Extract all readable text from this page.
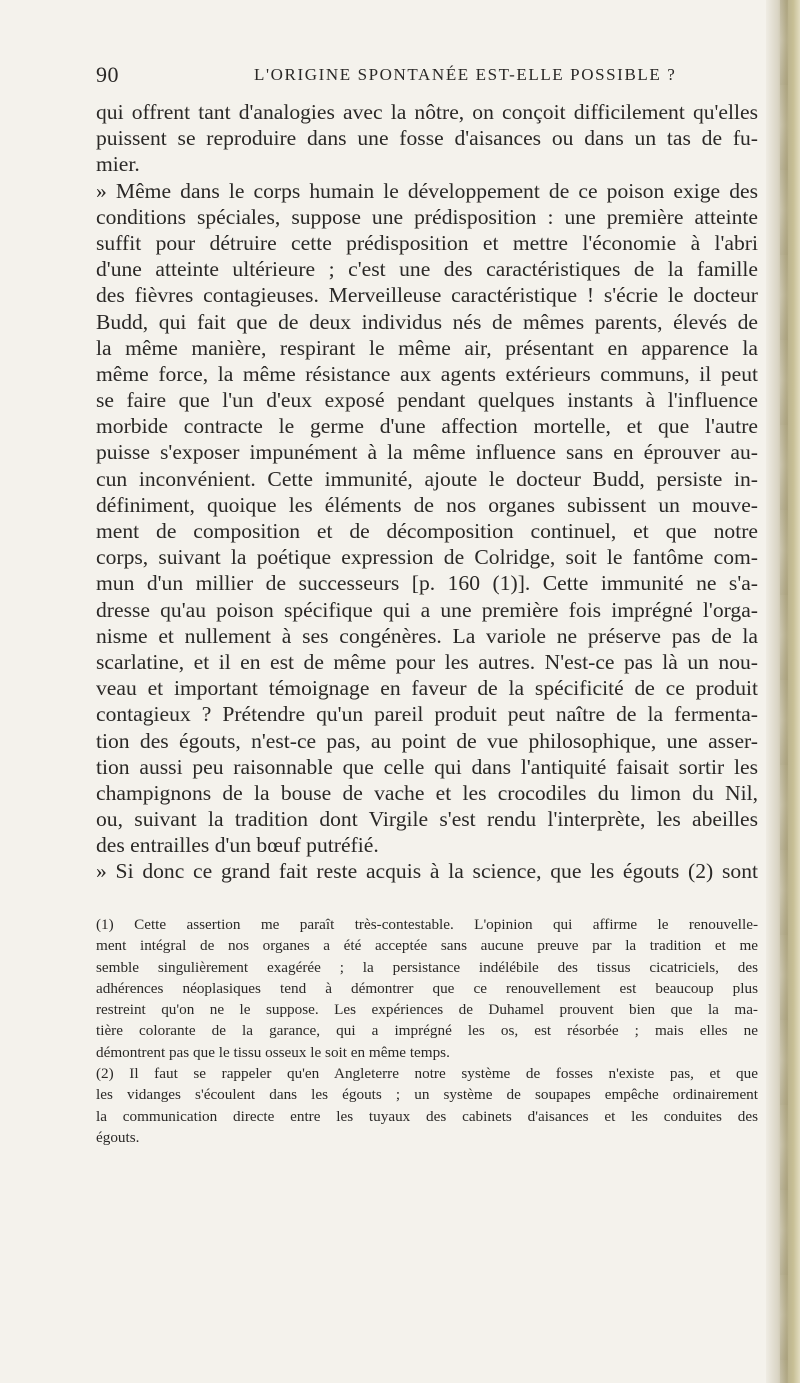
90	L'ORIGINE SPONTANÉE EST-ELLE POSSIBLE ?
qui offrent tant d'analogies avec la nôtre, on conçoit difficilement qu'elles
puissent se reproduire dans une fosse d'aisances ou dans un tas de fu-
mier.
» Même dans le corps humain le développement de ce poison exige des
conditions spéciales, suppose une prédisposition : une première atteinte
suffit pour détruire cette prédisposition et mettre l'économie à l'abri
d'une atteinte ultérieure ; c'est une des caractéristiques de la famille
des fièvres contagieuses. Merveilleuse caractéristique ! s'écrie le docteur
Budd, qui fait que de deux individus nés de mêmes parents, élevés de
la même manière, respirant le même air, présentant en apparence la
même force, la même résistance aux agents extérieurs communs, il peut
se faire que l'un d'eux exposé pendant quelques instants à l'influence
morbide contracte le germe d'une affection mortelle, et que l'autre
puisse s'exposer impunément à la même influence sans en éprouver au-
cun inconvénient. Cette immunité, ajoute le docteur Budd, persiste in-
définiment, quoique les éléments de nos organes subissent un mouve-
ment de composition et de décomposition continuel, et que notre
corps, suivant la poétique expression de Colridge, soit le fantôme com-
mun d'un millier de successeurs [p. 160 (1)]. Cette immunité ne s'a-
dresse qu'au poison spécifique qui a une première fois imprégné l'orga-
nisme et nullement à ses congénères. La variole ne préserve pas de la
scarlatine, et il en est de même pour les autres. N'est-ce pas là un nou-
veau et important témoignage en faveur de la spécificité de ce produit
contagieux ? Prétendre qu'un pareil produit peut naître de la fermenta-
tion des égouts, n'est-ce pas, au point de vue philosophique, une asser-
tion aussi peu raisonnable que celle qui dans l'antiquité faisait sortir les
champignons de la bouse de vache et les crocodiles du limon du Nil,
ou, suivant la tradition dont Virgile s'est rendu l'interprète, les abeilles
des entrailles d'un bœuf putréfié.
» Si donc ce grand fait reste acquis à la science, que les égouts (2) sont
(1) Cette assertion me paraît très-contestable. L'opinion qui affirme le renouvelle-
ment intégral de nos organes a été acceptée sans aucune preuve par la tradition et me
semble singulièrement exagérée ; la persistance indélébile des tissus cicatriciels, des
adhérences néoplasiques tend à démontrer que ce renouvellement est beaucoup plus
restreint qu'on ne le suppose. Les expériences de Duhamel prouvent bien que la ma-
tière colorante de la garance, qui a imprégné les os, est résorbée ; mais elles ne
démontrent pas que le tissu osseux le soit en même temps.
(2) Il faut se rappeler qu'en Angleterre notre système de fosses n'existe pas, et que
les vidanges s'écoulent dans les égouts ; un système de soupapes empêche ordinairement
la communication directe entre les tuyaux des cabinets d'aisances et les conduites des
égouts.
